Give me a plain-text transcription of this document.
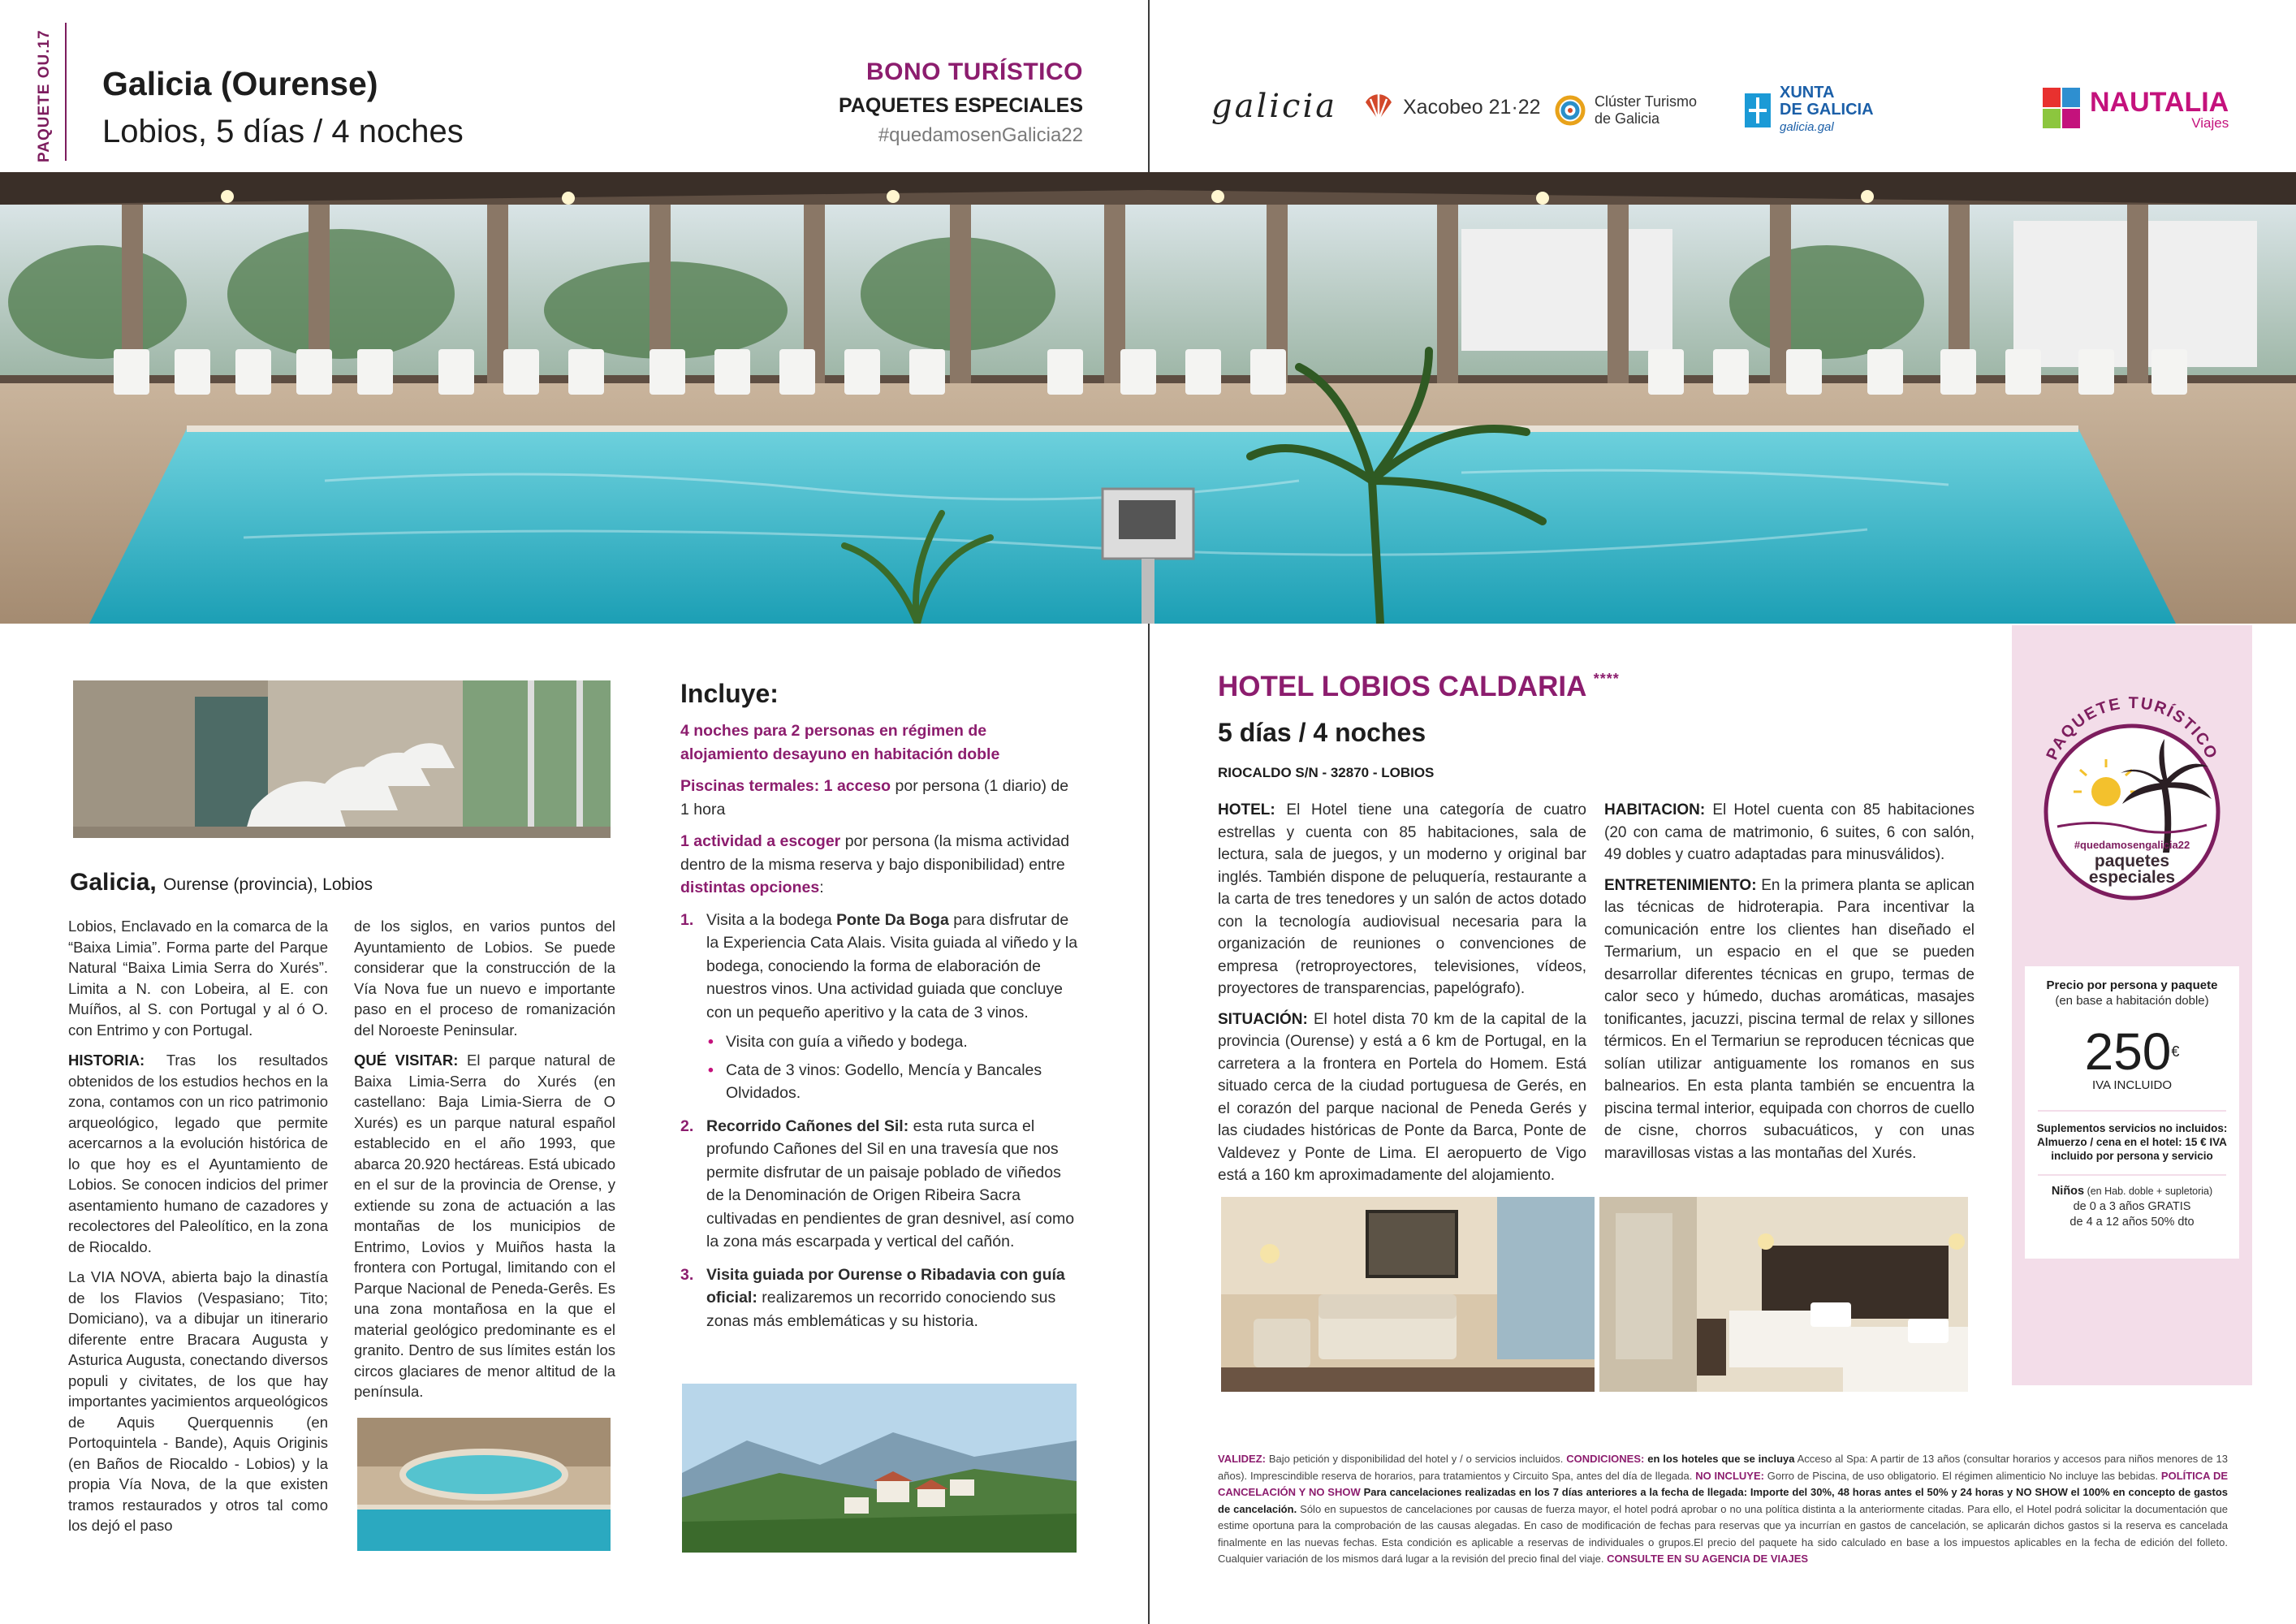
PAQUETE OU.17 Galicia (Ourense)
Lobios, 5 días / 4 noches
BONO TURÍSTICO
PAQUETES ESPECIALES
#quedamosenGalicia22
galicia	Xacobeo 21·22	Clúster Turismo
de Galicia
XUNTA
DE GALICIA
galicia.gal
NAUTALIA
Viajes
Galicia, Ourense (provincia), Lobios

Lobios, Enclavado en la comarca de la “Baixa Limia”. Forma parte del Parque Natural “Baixa Limia Serra do Xurés”. Limita a N. con Lobeira, al E. con Muíños, al S. con Portugal y al ó O. con Entrimo y con Portugal.

HISTORIA: Tras los resultados obtenidos de los estudios hechos en la zona, contamos con un rico patrimonio arqueológico, legado que permite acercarnos a la evolución histórica de lo que hoy es el Ayuntamiento de Lobios. Se conocen indicios del primer asentamiento humano de cazadores y recolectores del Paleolítico, en la zona de Riocaldo.

La VIA NOVA, abierta bajo la dinastía de los Flavios (Vespasiano; Tito; Domiciano), va a dibujar un itinerario diferente entre Bracara Augusta y Asturica Augusta, conectando diversos populi y civitates, de los que hay importantes yacimientos arqueológicos de Aquis Querquennis (en Portoquintela - Bande), Aquis Originis (en Baños de Riocaldo - Lobios) y la propia Vía Nova, de la que existen tramos restaurados y otros tal como los dejó el paso

de los siglos, en varios puntos del Ayuntamiento de Lobios. Se puede considerar que la construcción de la Vía Nova fue un nuevo e importante paso en el proceso de romanización del Noroeste Peninsular.

QUÉ VISITAR: El parque natural de Baixa Limia-Serra do Xurés (en castellano: Baja Limia-Sierra de O Xurés) es un parque natural español establecido en el año 1993, que abarca 20.920 hectáreas. Está ubicado en el sur de la provincia de Orense, y extiende su zona de actuación a las montañas de los municipios de Entrimo, Lovios y Muiños hasta la frontera con Portugal, limitando con el Parque Nacional de Peneda-Gerês. Es una zona montañosa en la que el material geológico predominante es el granito. Dentro de sus límites están los circos glaciares de menor altitud de la península.

Incluye:

4 noches para 2 personas en régimen de alojamiento desayuno en habitación doble

Piscinas termales: 1 acceso por persona (1 diario) de 1 hora

1 actividad a escoger por persona (la misma actividad dentro de la misma reserva y bajo disponibilidad) entre distintas opciones:

1. Visita a la bodega Ponte Da Boga para disfrutar de la Experiencia Cata Alais. Visita guiada al viñedo y la bodega, conociendo la forma de elaboración de nuestros vinos. Una actividad guiada que concluye con un pequeño aperitivo y la cata de 3 vinos.
• Visita con guía a viñedo y bodega.
• Cata de 3 vinos: Godello, Mencía y Bancales Olvidados.
2. Recorrido Cañones del Sil: esta ruta surca el profundo Cañones del Sil en una travesía que nos permite disfrutar de un paisaje poblado de viñedos de la Denominación de Origen Ribeira Sacra cultivadas en pendientes de gran desnivel, así como la zona más escarpada y vertical del cañón.
3. Visita guiada por Ourense o Ribadavia con guía oficial: realizaremos un recorrido conociendo sus zonas más emblemáticas y su historia.
HOTEL LOBIOS CALDARIA ****
5 días / 4 noches
RIOCALDO S/N - 32870 - LOBIOS

HOTEL: El Hotel tiene una categoría de cuatro estrellas y cuenta con 85 habitaciones, sala de lectura, sala de juegos, y un moderno y original bar inglés. También dispone de peluquería, restaurante a la carta de tres tenedores y un salón de actos dotado con la tecnología audiovisual necesaria para la organización de reuniones o convenciones de empresa (retroproyectores, televisiones, vídeos, proyectores de transparencias, papelógrafo).

SITUACIÓN: El hotel dista 70 km de la capital de la provincia (Ourense) y está a 6 km de Portugal, en la carretera a la frontera en Portela do Homem. Está situado cerca de la ciudad portuguesa de Gerés, en el corazón del parque nacional de Peneda Gerés y las ciudades históricas de Ponte da Barca, Ponte de Valdevez y Ponte de Lima. El aeropuerto de Vigo está a 160 km aproximadamente del alojamiento.

HABITACION: El Hotel cuenta con 85 habitaciones (20 con cama de matrimonio, 6 suites, 6 con salón, 49 dobles y cuatro adaptadas para minusválidos).

ENTRETENIMIENTO: En la primera planta se aplican las técnicas de hidroterapia. Para incentivar la comunicación entre los clientes han diseñado el Termarium, un espacio en el que se pueden desarrollar diferentes técnicas en grupo, termas de calor seco y húmedo, duchas aromáticas, masajes tonificantes, jacuzzi, piscina termal de relax y sillones térmicos. En el Termariun se reproducen técnicas que solían utilizar antiguamente los romanos en sus balnearios. En esta planta también se encuentra la piscina termal interior, equipada con chorros de cuello de cisne, chorros subacuáticos, y con unas maravillosas vistas a las montañas del Xurés.

PAQUETE TURÍSTICO
#quedamosengalicia22
paquetes
especiales
Precio por persona y paquete
(en base a habitación doble)
250€
IVA INCLUIDO
Suplementos servicios no incluidos:
Almuerzo / cena en el hotel: 15 € IVA incluido por persona y servicio
Niños (en Hab. doble + supletoria)
de 0 a 3 años GRATIS
de 4 a 12 años 50% dto
VALIDEZ: Bajo petición y disponibilidad del hotel y / o servicios incluidos. CONDICIONES: en los hoteles que se incluya Acceso al Spa: A partir de 13 años (consultar horarios y accesos para niños menores de 13 años). Imprescindible reserva de horarios, para tratamientos y Circuito Spa, antes del día de llegada. NO INCLUYE: Gorro de Piscina, de uso obligatorio. El régimen alimenticio No incluye las bebidas. POLÍTICA DE CANCELACIÓN Y NO SHOW Para cancelaciones realizadas en los 7 días anteriores a la fecha de llegada: Importe del 30%, 48 horas antes el 50% y 24 horas y NO SHOW el 100% en concepto de gastos de cancelación. Sólo en supuestos de cancelaciones por causas de fuerza mayor, el hotel podrá aprobar o no una política distinta a la anteriormente citadas. Para ello, el Hotel podrá solicitar la documentación que estime oportuna para la comprobación de las causas alegadas. En caso de modificación de fechas para reservas que ya incurrían en gastos de cancelación, se aplicarán dichos gastos si la reserva es cancelada finalmente en las nuevas fechas. Esta condición es aplicable a reservas de individuales o grupos.El precio del paquete ha sido calculado en base a los impuestos aplicables en la fecha de edición del folleto. Cualquier variación de los mismos dará lugar a la revisión del precio final del viaje. CONSULTE EN SU AGENCIA DE VIAJES
